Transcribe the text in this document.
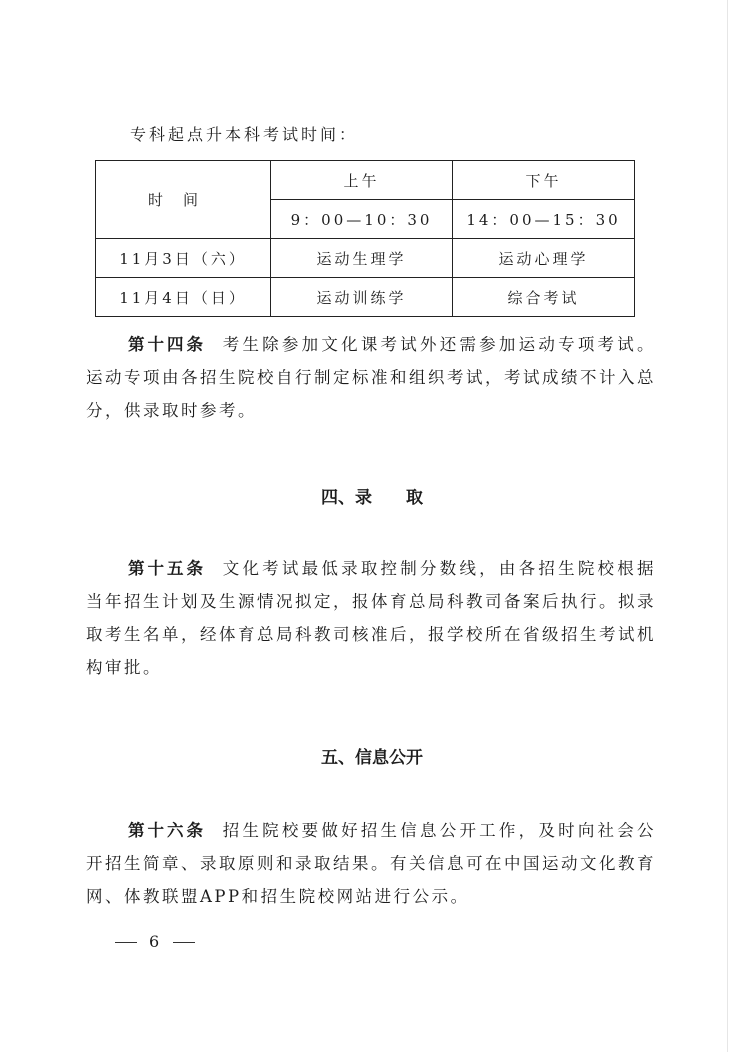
专科起点升本科考试时间：
时间	上午	下午
	9：00—10：30	14：00—15：30
11月3日（六）	运动生理学	运动心理学
11月4日（日）	运动训练学	综合考试
第十四条 考生除参加文化课考试外还需参加运动专项考试。运动专项由各招生院校自行制定标准和组织考试，考试成绩不计入总分，供录取时参考。
四、录　　取
第十五条 文化考试最低录取控制分数线，由各招生院校根据当年招生计划及生源情况拟定，报体育总局科教司备案后执行。拟录取考生名单，经体育总局科教司核准后，报学校所在省级招生考试机构审批。
五、信息公开
第十六条 招生院校要做好招生信息公开工作，及时向社会公开招生简章、录取原则和录取结果。有关信息可在中国运动文化教育网、体教联盟APP和招生院校网站进行公示。
6
